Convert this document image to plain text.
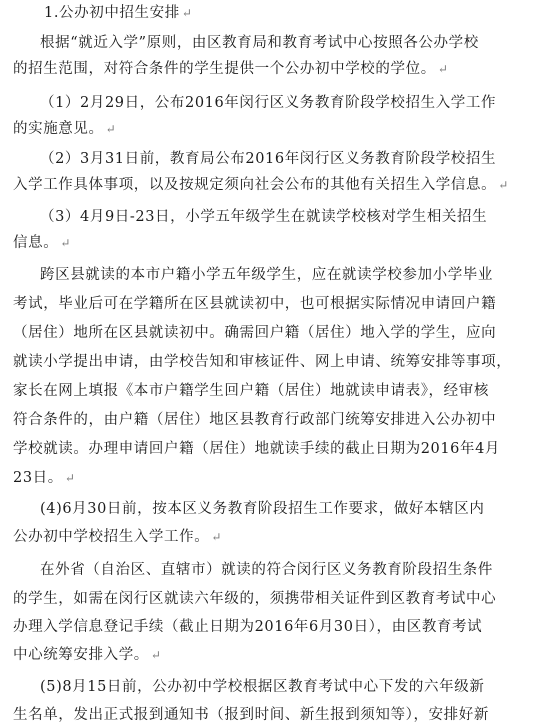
1.公办初中招生安排 ↵
根据“就近入学”原则，由区教育局和教育考试中心按照各公办学校
的招生范围，对符合条件的学生提供一个公办初中学校的学位。 ↵
（1）2月29日，公布2016年闵行区义务教育阶段学校招生入学工作
的实施意见。 ↵
（2）3月31日前，教育局公布2016年闵行区义务教育阶段学校招生
入学工作具体事项，以及按规定须向社会公布的其他有关招生入学信息。 ↵
（3）4月9日-23日，小学五年级学生在就读学校核对学生相关招生
信息。 ↵
跨区县就读的本市户籍小学五年级学生，应在就读学校参加小学毕业
考试，毕业后可在学籍所在区县就读初中，也可根据实际情况申请回户籍
（居住）地所在区县就读初中。确需回户籍（居住）地入学的学生，应向
就读小学提出申请，由学校告知和审核证件、网上申请、统筹安排等事项，
家长在网上填报《本市户籍学生回户籍（居住）地就读申请表》，经审核
符合条件的，由户籍（居住）地区县教育行政部门统筹安排进入公办初中
学校就读。办理申请回户籍（居住）地就读手续的截止日期为2016年4月
23日。 ↵
(4)6月30日前，按本区义务教育阶段招生工作要求，做好本辖区内
公办初中学校招生入学工作。 ↵
在外省（自治区、直辖市）就读的符合闵行区义务教育阶段招生条件
的学生，如需在闵行区就读六年级的，须携带相关证件到区教育考试中心
办理入学信息登记手续（截止日期为2016年6月30日），由区教育考试
中心统筹安排入学。 ↵
(5)8月15日前，公办初中学校根据区教育考试中心下发的六年级新
生名单，发出正式报到通知书（报到时间、新生报到须知等），安排好新
